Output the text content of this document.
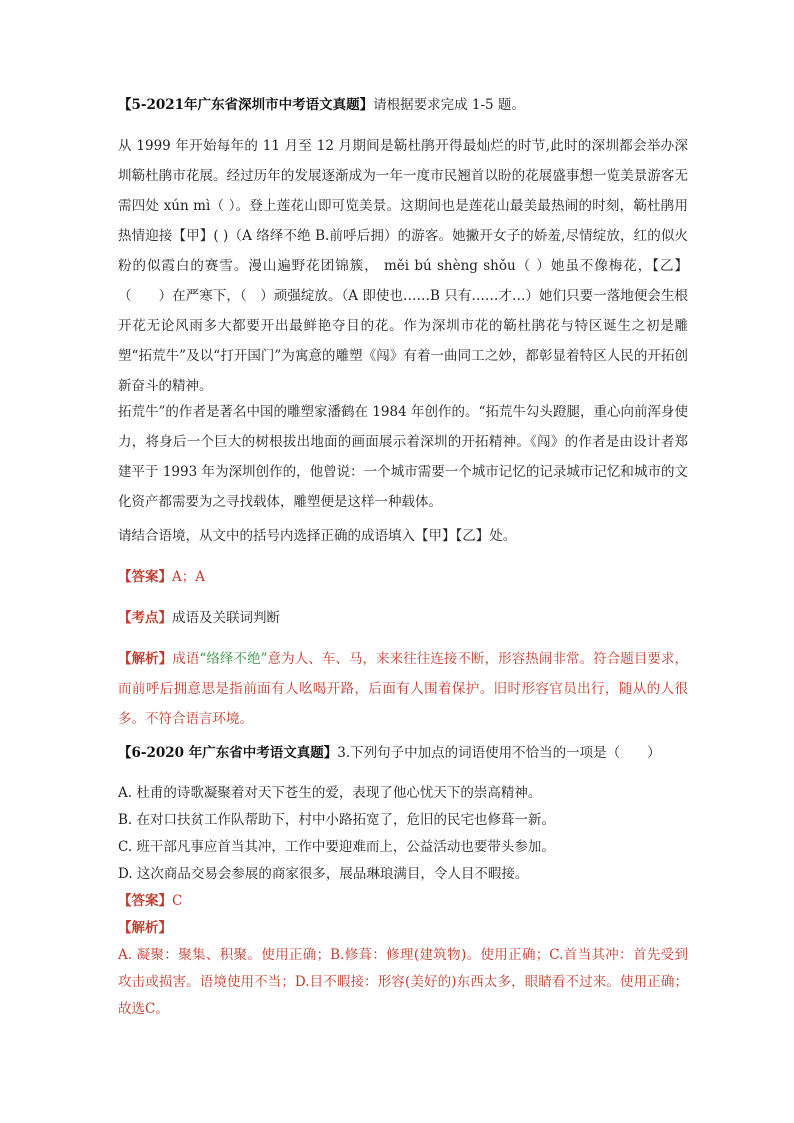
【5-2021年广东省深圳市中考语文真题】请根据要求完成 1-5 题。

从 1999 年开始每年的 11 月至 12 月期间是簕杜鹃开得最灿烂的时节,此时的深圳都会举办深圳簕杜鹃市花展。经过历年的发展逐渐成为一年一度市民翘首以盼的花展盛事想一览美景游客无需四处 xún mì（ ）。登上莲花山即可览美景。这期间也是莲花山最美最热闹的时刻，簕杜鹃用热情迎接【甲】( )（A 络绎不绝 B.前呼后拥）的游客。她撇开女子的娇羞,尽情绽放，红的似火粉的似霞白的赛雪。漫山遍野花团锦簇， měi bú shèng shǒu（ ）她虽不像梅花，【乙】（　　）在严寒下，（　）顽强绽放。（A 即使也……B 只有……才…）她们只要一落地便会生根开花无论风雨多大都要开出最鲜艳夺目的花。作为深圳市花的簕杜鹃花与特区诞生之初是雕塑“拓荒牛”及以“打开国门”为寓意的雕塑《闯》有着一曲同工之妙，都彰显着特区人民的开拓创新奋斗的精神。

拓荒牛”的作者是著名中国的雕塑家潘鹤在 1984 年创作的。“拓荒牛勾头蹬腿，重心向前浑身使力，将身后一个巨大的树根拔出地面的画面展示着深圳的开拓精神。《闯》的作者是由设计者郑建平于 1993 年为深圳创作的，他曾说：一个城市需要一个城市记忆的记录城市记忆和城市的文化资产都需要为之寻找载体，雕塑便是这样一种载体。

请结合语境，从文中的括号内选择正确的成语填入【甲】【乙】处。

【答案】A；A

【考点】成语及关联词判断

【解析】成语“络绎不绝”意为人、车、马，来来往往连接不断，形容热闹非常。符合题目要求，而前呼后拥意思是指前面有人吆喝开路，后面有人围着保护。旧时形容官员出行，随从的人很多。不符合语言环境。

【6-2020 年广东省中考语文真题】3.下列句子中加点的词语使用不恰当的一项是（　　）

A. 杜甫的诗歌凝聚着对天下苍生的爱，表现了他心忧天下的崇高精神。

B. 在对口扶贫工作队帮助下，村中小路拓宽了，危旧的民宅也修葺一新。

C. 班干部凡事应首当其冲，工作中要迎难而上，公益活动也要带头参加。

D. 这次商品交易会参展的商家很多，展品琳琅满目，令人目不暇接。

【答案】C

【解析】

A. 凝聚：聚集、积聚。使用正确；B.修葺：修理(建筑物)。使用正确；C.首当其冲：首先受到攻击或损害。语境使用不当；D.目不暇接：形容(美好的)东西太多，眼睛看不过来。使用正确；故选C。
